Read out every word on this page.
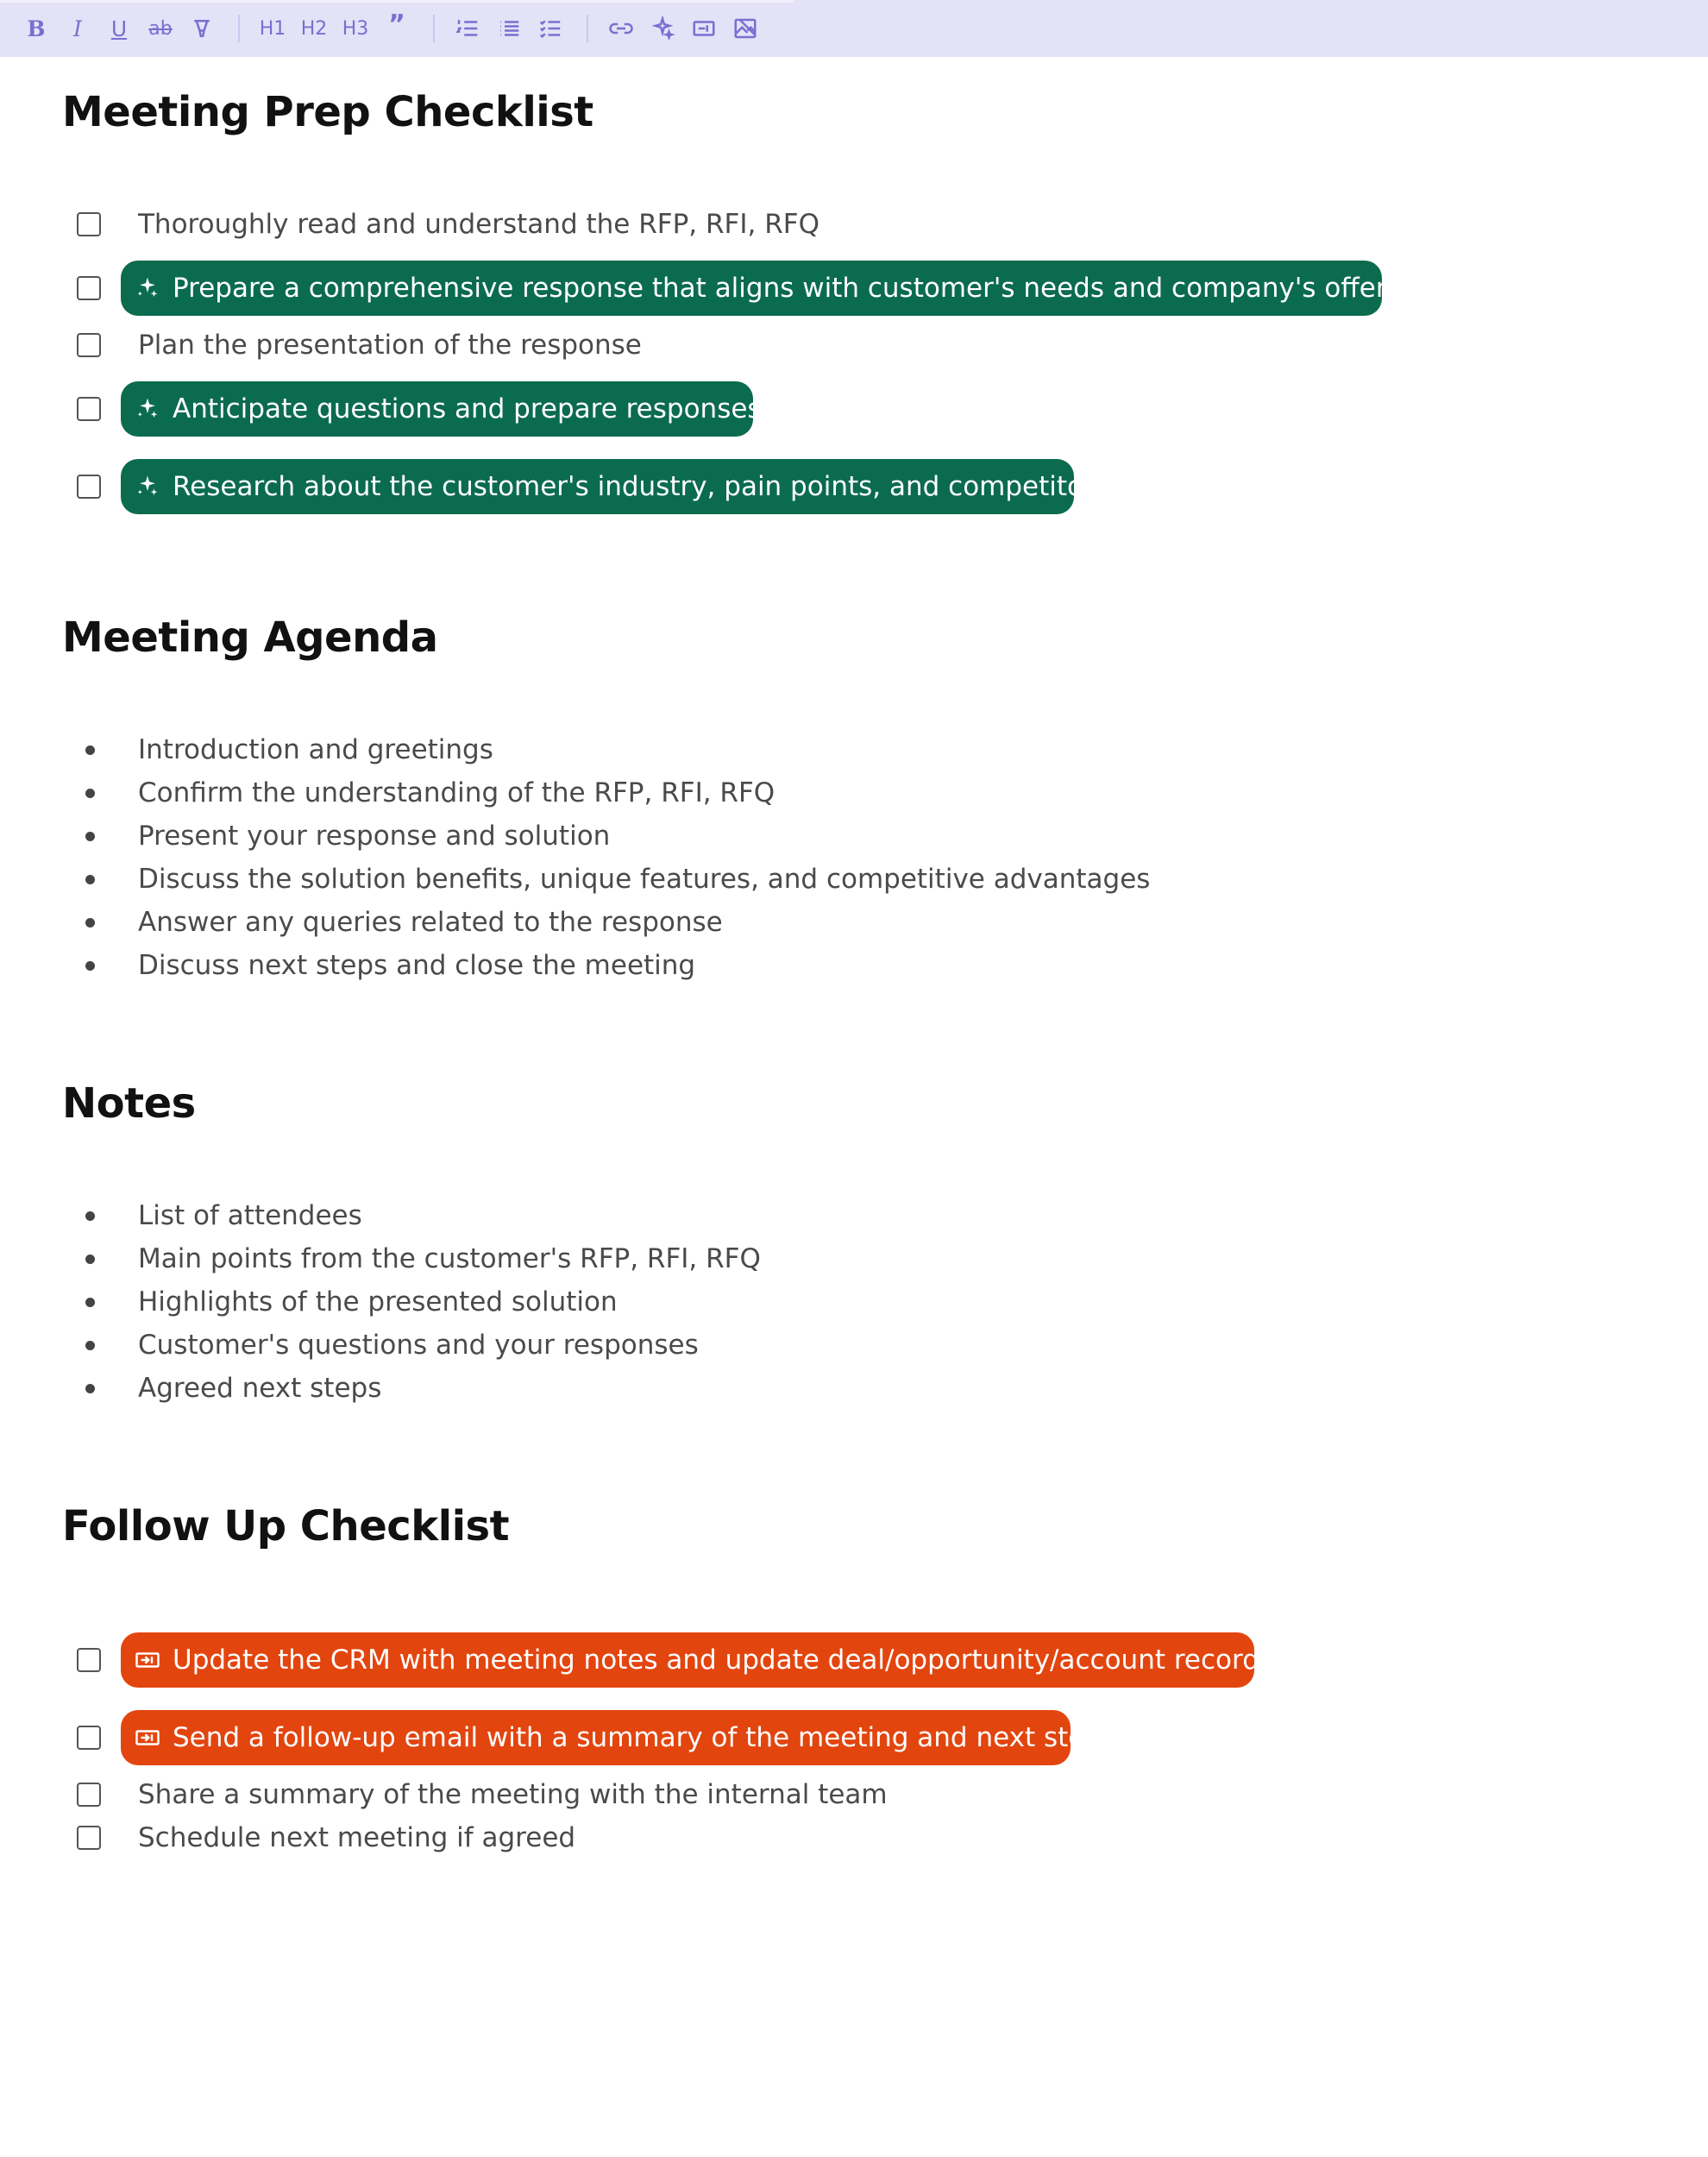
B I U ab	H1 H2 H3 ”
Meeting Prep Checklist
Thoroughly read and understand the RFP, RFI, RFQ
Prepare a comprehensive response that aligns with customer's needs and company's offerings
Plan the presentation of the response
Anticipate questions and prepare responses
Research about the customer's industry, pain points, and competitors
Meeting Agenda
Introduction and greetings
Confirm the understanding of the RFP, RFI, RFQ
Present your response and solution
Discuss the solution benefits, unique features, and competitive advantages
Answer any queries related to the response
Discuss next steps and close the meeting
Notes
List of attendees
Main points from the customer's RFP, RFI, RFQ
Highlights of the presented solution
Customer's questions and your responses
Agreed next steps
Follow Up Checklist
Update the CRM with meeting notes and update deal/opportunity/account records
Send a follow-up email with a summary of the meeting and next steps
Share a summary of the meeting with the internal team
Schedule next meeting if agreed
